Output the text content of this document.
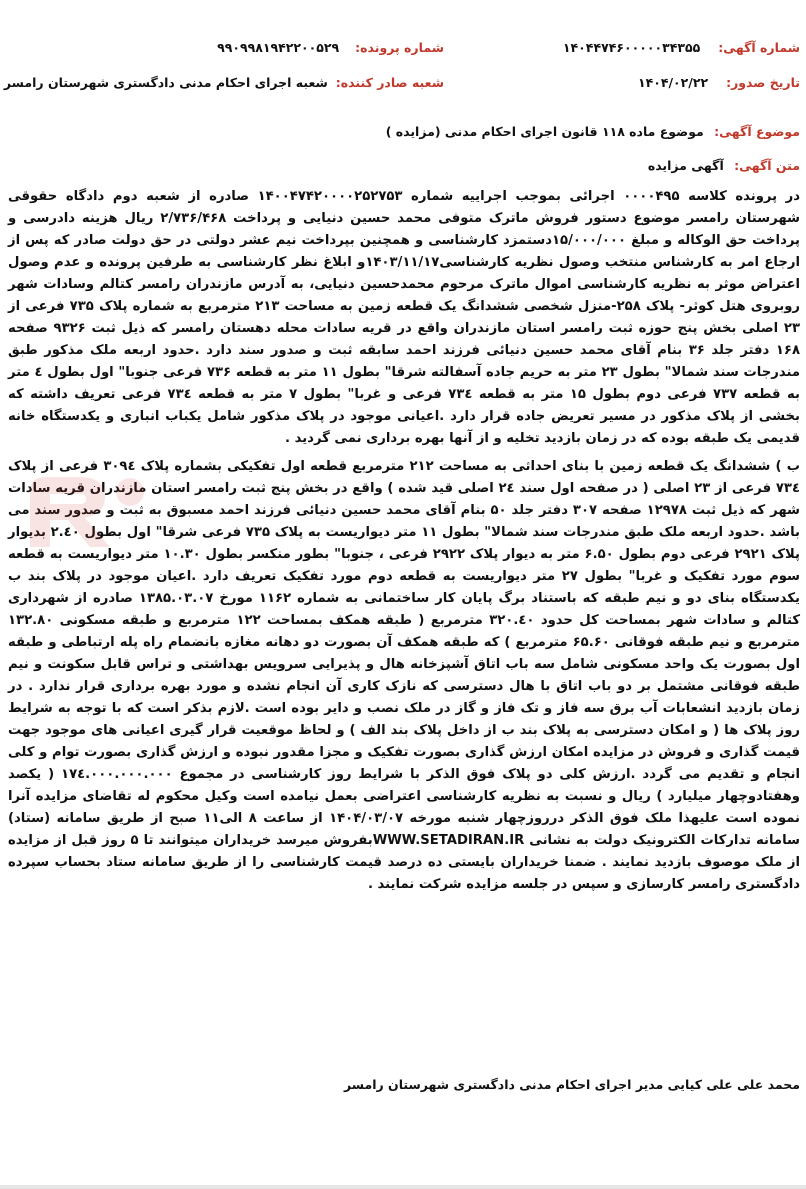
شماره آگهی: ۱۴۰۴۴۷۴۶۰۰۰۰۰۳۴۳۵۵
شماره پرونده: ۹۹۰۹۹۸۱۹۴۲۲۰۰۵۲۹
تاریخ صدور: ۱۴۰۴/۰۲/۲۲
شعبه صادر کننده: شعبه اجرای احکام مدنی دادگستری شهرستان رامسر
موضوع آگهی: موضوع ماده ۱۱۸ قانون اجرای احکام مدنی (مزایده )
متن آگهی: آگهی مزایده

در پرونده کلاسه ۰۰۰۰۴۹۵ اجرائی بموجب اجراییه شماره ۱۴۰۰۴۷۴۲۰۰۰۰۲۵۲۷۵۳ صادره از شعبه دوم دادگاه حقوقی شهرستان رامسر موضوع دستور فروش ماترک متوفی محمد حسین دنیایی و پرداخت ۲/۷۳۶/۴۶۸ ریال هزینه دادرسی و پرداخت حق الوکاله و مبلغ ۱۵/۰۰۰/۰۰۰دستمزد کارشناسی و همچنین بپرداخت نیم عشر دولتی در حق دولت صادر که پس از ارجاع امر به کارشناس منتخب وصول نظریه کارشناسی۱۴۰۳/۱۱/۱۷و ابلاغ نظر کارشناسی به طرفین پرونده و عدم وصول اعتراض موثر به نظریه کارشناسی اموال ماترک مرحوم محمدحسین دنیایی، به آدرس مازندران رامسر کتالم وسادات شهر روبروی هتل کوثر- پلاک ۲۵۸-منزل شخصی ششدانگ یک قطعه زمین به مساحت ۲۱۳ مترمربع به شماره پلاک ۷۳۵ فرعی از ۲۳ اصلی بخش پنج حوزه ثبت رامسر استان مازندران واقع در قریه سادات محله دهستان رامسر که ذیل ثبت ۹۳۲۶ صفحه ۱۶۸ دفتر جلد ۳۶ بنام آقای محمد حسین دنیائی فرزند احمد سابقه ثبت و صدور سند دارد .حدود اربعه ملک مذکور طبق مندرجات سند شمالا" بطول ۲۳ متر به حریم جاده آسفالته شرقا" بطول ۱۱ متر به قطعه ۷۳۶ فرعی جنوبا" اول بطول ٤ متر به قطعه ۷۳۷ فرعی دوم بطول ۱۵ متر به قطعه ۷۳٤ فرعی و غربا" بطول ۷ متر به قطعه ۷۳٤ فرعی تعریف داشته که بخشی از پلاک مذکور در مسیر تعریض جاده قرار دارد .اعیانی موجود در پلاک مذکور شامل یکباب انباری و یکدستگاه خانه قدیمی یک طبقه بوده که در زمان بازدید تخلیه و از آنها بهره برداری نمی گردید .

ب ) ششدانگ یک قطعه زمین با بنای احداثی به مساحت ۲۱۲ مترمربع قطعه اول تفکیکی بشماره پلاک ۳۰۹٤ فرعی از پلاک ۷۳٤ فرعی از ۲۳ اصلی ( در صفحه اول سند ۲٤ اصلی قید شده ) واقع در بخش پنج ثبت رامسر استان مازندران قریه سادات شهر که ذیل ثبت ۱۲۹۷۸ صفحه ۳۰۷ دفتر جلد ۵۰ بنام آقای محمد حسین دنیائی فرزند احمد مسبوق به ثبت و صدور سند می باشد .حدود اربعه ملک طبق مندرجات سند شمالا" بطول ۱۱ متر دیواریست به پلاک ۷۳۵ فرعی شرقا" اول بطول ۲.٤۰ بدیوار پلاک ۲۹۲۱ فرعی دوم بطول ۶.۵۰ متر به دیوار پلاک ۲۹۲۲ فرعی ، جنوبا" بطور منکسر بطول ۱۰.۳۰ متر دیواریست به قطعه سوم مورد تفکیک و غربا" بطول ۲۷ متر دیواریست به قطعه دوم مورد تفکیک تعریف دارد .اعیان موجود در پلاک بند ب یکدستگاه بنای دو و نیم طبقه که باستناد برگ پایان کار ساختمانی به شماره ۱۱۶۲ مورخ ۱۳۸۵.۰۳.۰۷ صادره از شهرداری کتالم و سادات شهر بمساحت کل حدود ۳۲۰.٤۰ مترمربع ( طبقه همکف بمساحت ۱۲۲ مترمربع و طبقه مسکونی ۱۳۲.۸۰ مترمربع و نیم طبقه فوقانی ۶۵.۶۰ مترمربع ) که طبقه همکف آن بصورت دو دهانه مغازه بانضمام راه پله ارتباطی و طبقه اول بصورت یک واحد مسکونی شامل سه باب اتاق آشپزخانه هال و پذیرایی سرویس بهداشتی و تراس قابل سکونت و نیم طبقه فوقانی مشتمل بر دو باب اتاق با هال دسترسی که نازک کاری آن انجام نشده و مورد بهره برداری قرار ندارد . در زمان بازدید انشعابات آب برق سه فاز و تک فاز و گاز در ملک نصب و دایر بوده است .لازم بذکر است که با توجه به شرایط روز پلاک ها ( و امکان دسترسی به پلاک بند ب از داخل پلاک بند الف ) و لحاظ موقعیت قرار گیری اعیانی های موجود جهت قیمت گذاری و فروش در مزایده امکان ارزش گذاری بصورت تفکیک و مجزا مقدور نبوده و ارزش گذاری بصورت توام و کلی انجام و تقدیم می گردد .ارزش کلی دو پلاک فوق الذکر با شرایط روز کارشناسی در مجموع ۱۷٤.۰۰۰.۰۰۰.۰۰۰ ( یکصد وهفتادوچهار میلیارد ) ریال و نسبت به نظریه کارشناسی اعتراضی بعمل نیامده است وکیل محکوم له تقاضای مزایده آنرا نموده است علیهذا ملک فوق الذکر درروزچهار شنبه مورخه ۱۴۰۴/۰۳/۰۷ از ساعت ۸ الی۱۱ صبح از طریق سامانه (ستاد) سامانه تدارکات الکترونیک دولت به نشانی WWW.SETADIRAN.IRبفروش میرسد خریداران میتوانند تا ۵ روز قبل از مزایده از ملک موصوف بازدید نمایند . ضمنا خریداران بایستی ده درصد قیمت کارشناسی را از طریق سامانه ستاد بحساب سپرده دادگستری رامسر کارسازی و سپس در جلسه مزایده شرکت نمایند .

محمد علی علی کیایی مدیر اجرای احکام مدنی دادگستری شهرستان رامسر
